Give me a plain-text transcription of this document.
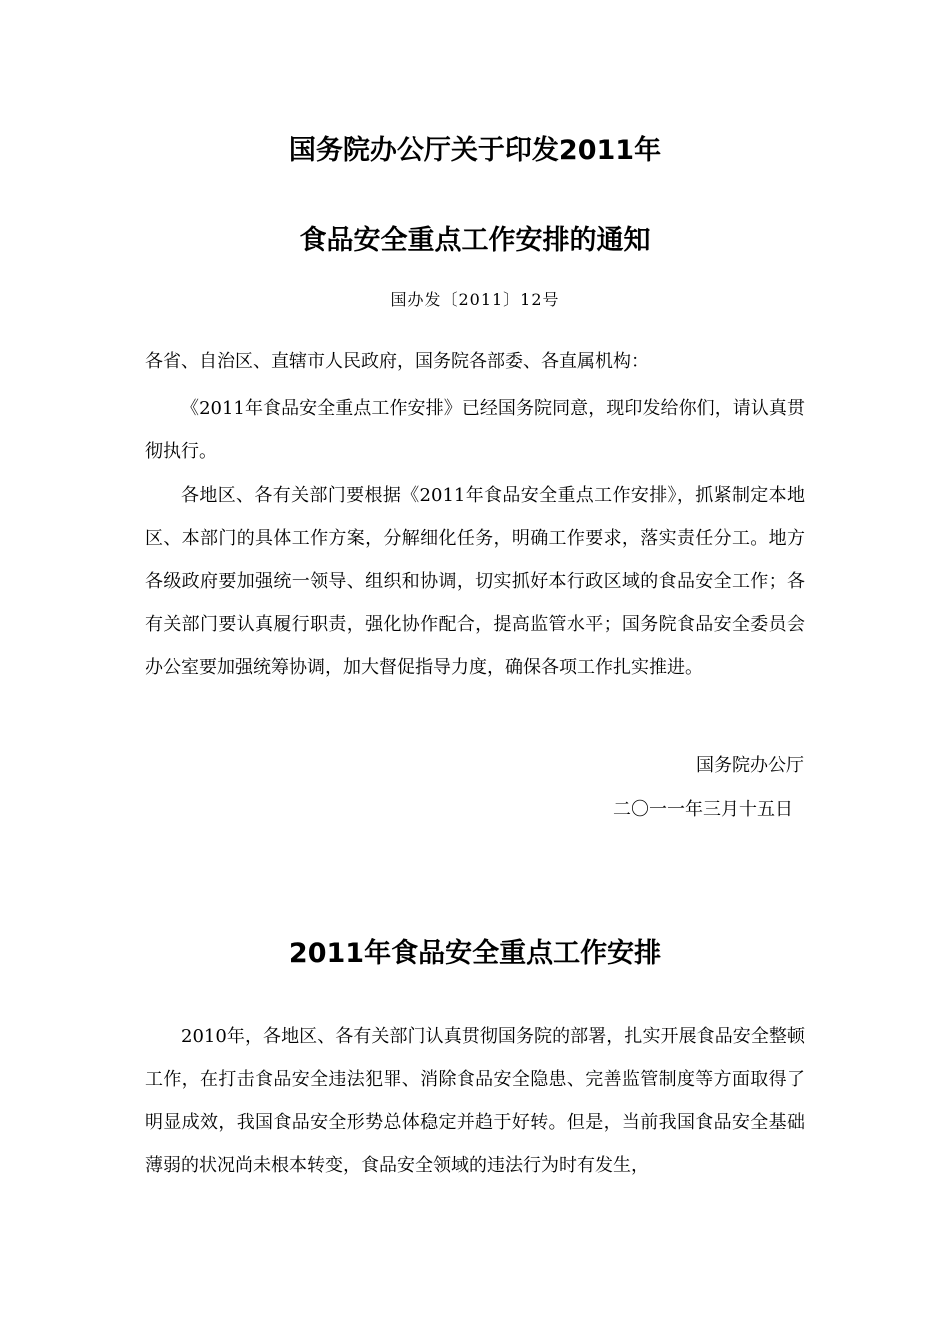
国务院办公厅关于印发2011年
食品安全重点工作安排的通知
国办发〔2011〕12号

各省、自治区、直辖市人民政府，国务院各部委、各直属机构：

《2011年食品安全重点工作安排》已经国务院同意，现印发给你们，请认真贯彻执行。

各地区、各有关部门要根据《2011年食品安全重点工作安排》，抓紧制定本地区、本部门的具体工作方案，分解细化任务，明确工作要求，落实责任分工。地方各级政府要加强统一领导、组织和协调，切实抓好本行政区域的食品安全工作；各有关部门要认真履行职责，强化协作配合，提高监管水平；国务院食品安全委员会办公室要加强统筹协调，加大督促指导力度，确保各项工作扎实推进。

国务院办公厅
二〇一一年三月十五日
2011年食品安全重点工作安排

2010年，各地区、各有关部门认真贯彻国务院的部署，扎实开展食品安全整顿工作，在打击食品安全违法犯罪、消除食品安全隐患、完善监管制度等方面取得了明显成效，我国食品安全形势总体稳定并趋于好转。但是，当前我国食品安全基础薄弱的状况尚未根本转变，食品安全领域的违法行为时有发生，
